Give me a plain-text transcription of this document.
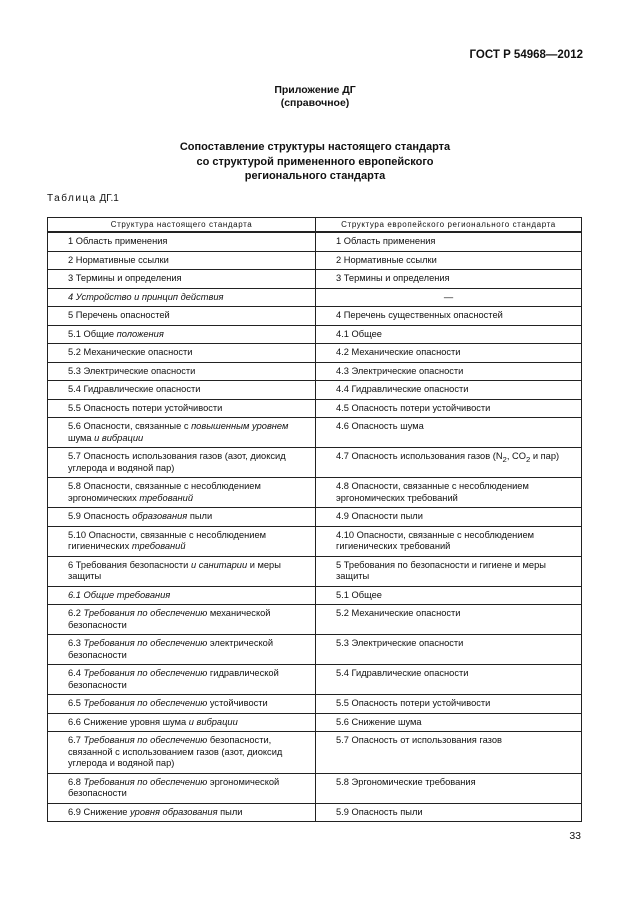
ГОСТ Р 54968—2012
Приложение ДГ
(справочное)
Сопоставление структуры настоящего стандарта
со структурой примененного европейского
регионального стандарта
Таблица ДГ.1
Структура настоящего стандарта	Структура европейского регионального стандарта
1 Область применения	1 Область применения
2 Нормативные ссылки	2 Нормативные ссылки
3 Термины и определения	3 Термины и определения
4 Устройство и принцип действия	—
5 Перечень опасностей	4 Перечень существенных опасностей
5.1 Общие положения	4.1 Общее
5.2 Механические опасности	4.2 Механические опасности
5.3 Электрические опасности	4.3 Электрические опасности
5.4 Гидравлические опасности	4.4 Гидравлические опасности
5.5 Опасность потери устойчивости	4.5 Опасность потери устойчивости
5.6 Опасности, связанные с повышенным уровнем
шума и вибрации	4.6 Опасность шума
5.7 Опасность использования газов (азот, диоксид углерода и водяной пар)	4.7 Опасность использования газов ($N_2$, $CO_2$ и пар)
5.8 Опасности, связанные с несоблюдением эргономических требований	4.8 Опасности, связанные с несоблюдением эргономических требований
5.9 Опасность образования пыли	4.9 Опасности пыли
5.10 Опасности, связанные с несоблюдением гигиенических требований	4.10 Опасности, связанные с несоблюдением гигиенических требований
6 Требования безопасности и санитарии и меры защиты	5 Требования по безопасности и гигиене и меры защиты
6.1 Общие требования	5.1 Общее
6.2 Требования по обеспечению механической безопасности	5.2 Механические опасности
6.3 Требования по обеспечению электрической безопасности	5.3 Электрические опасности
6.4 Требования по обеспечению гидравлической безопасности	5.4 Гидравлические опасности
6.5 Требования по обеспечению устойчивости	5.5 Опасность потери устойчивости
6.6 Снижение уровня шума и вибрации	5.6 Снижение шума
6.7 Требования по обеспечению безопасности, связанной с использованием газов (азот, диоксид углерода и водяной пар)	5.7 Опасность от использования газов
6.8 Требования по обеспечению эргономической безопасности	5.8 Эргономические требования
6.9 Снижение уровня образования пыли	5.9 Опасность пыли
33
